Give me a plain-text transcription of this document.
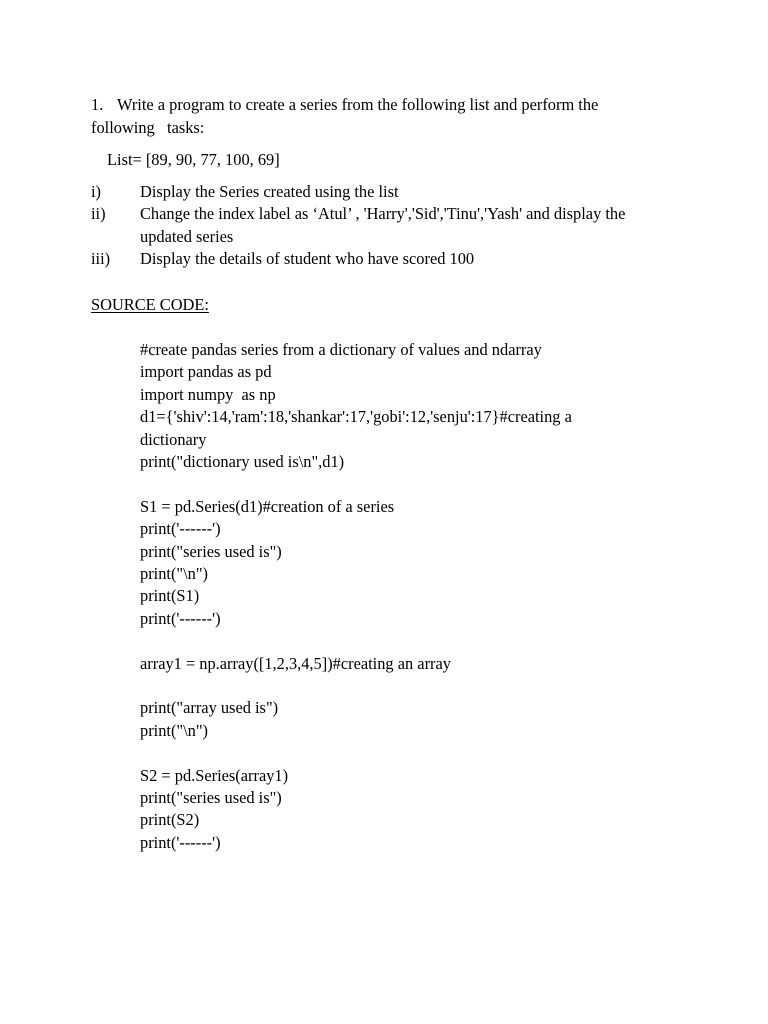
1. Write a program to create a series from the following list and perform the
following   tasks:
List= [89, 90, 77, 100, 69]
i) Display the Series created using the list
ii) Change the index label as ‘Atul’ , 'Harry','Sid','Tinu','Yash' and display the
updated series
iii) Display the details of student who have scored 100
SOURCE CODE:
#create pandas series from a dictionary of values and ndarray
import pandas as pd
import numpy  as np
d1={'shiv':14,'ram':18,'shankar':17,'gobi':12,'senju':17}#creating a
dictionary
print("dictionary used is\n",d1)
S1 = pd.Series(d1)#creation of a series
print('------')
print("series used is")
print("\n")
print(S1)
print('------')
array1 = np.array([1,2,3,4,5])#creating an array
print("array used is")
print("\n")
S2 = pd.Series(array1)
print("series used is")
print(S2)
print('------')
